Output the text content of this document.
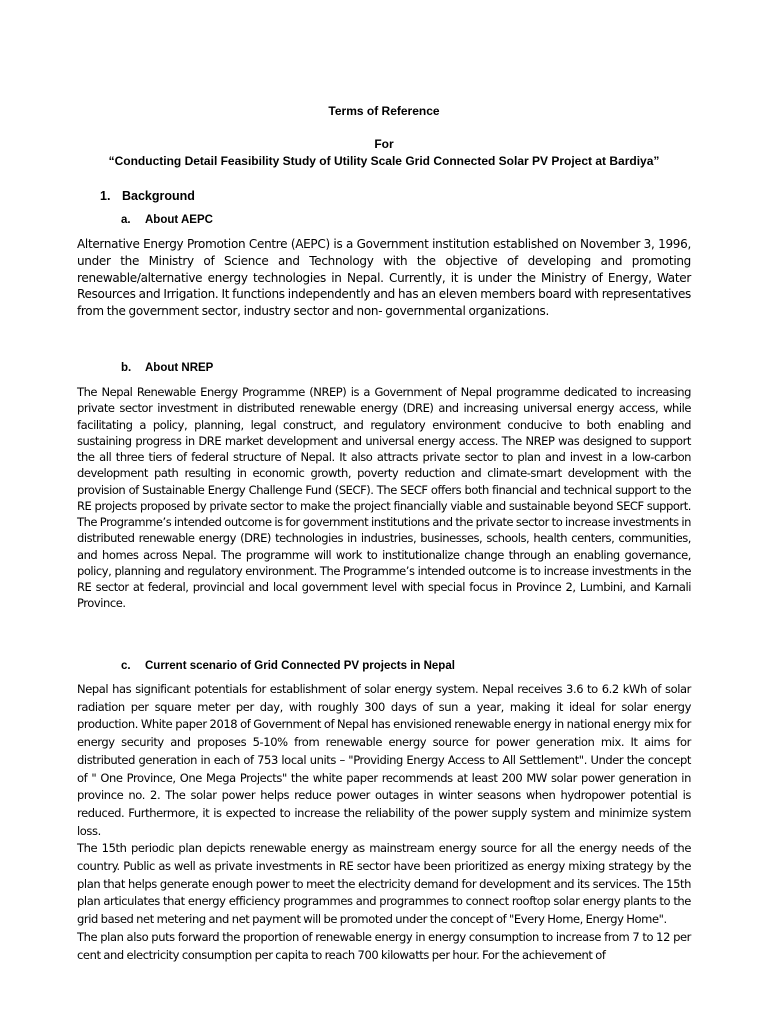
Terms of Reference
For
“Conducting Detail Feasibility Study of Utility Scale Grid Connected Solar PV Project at Bardiya”
1. Background
a. About AEPC

Alternative Energy Promotion Centre (AEPC) is a Government institution established on November 3, 1996, under the Ministry of Science and Technology with the objective of developing and promoting renewable/alternative energy technologies in Nepal. Currently, it is under the Ministry of Energy, Water Resources and Irrigation. It functions independently and has an eleven members board with representatives from the government sector, industry sector and non- governmental organizations.

b. About NREP

The Nepal Renewable Energy Programme (NREP) is a Government of Nepal programme dedicated to increasing private sector investment in distributed renewable energy (DRE) and increasing universal energy access, while facilitating a policy, planning, legal construct, and regulatory environment conducive to both enabling and sustaining progress in DRE market development and universal energy access. The NREP was designed to support the all three tiers of federal structure of Nepal. It also attracts private sector to plan and invest in a low-carbon development path resulting in economic growth, poverty reduction and climate-smart development with the provision of Sustainable Energy Challenge Fund (SECF). The SECF offers both financial and technical support to the RE projects proposed by private sector to make the project financially viable and sustainable beyond SECF support. The Programme’s intended outcome is for government institutions and the private sector to increase investments in distributed renewable energy (DRE) technologies in industries, businesses, schools, health centers, communities, and homes across Nepal. The programme will work to institutionalize change through an enabling governance, policy, planning and regulatory environment. The Programme’s intended outcome is to increase investments in the RE sector at federal, provincial and local government level with special focus in Province 2, Lumbini, and Karnali Province.

c. Current scenario of Grid Connected PV projects in Nepal

Nepal has significant potentials for establishment of solar energy system. Nepal receives 3.6 to 6.2 kWh of solar radiation per square meter per day, with roughly 300 days of sun a year, making it ideal for solar energy production. White paper 2018 of Government of Nepal has envisioned renewable energy in national energy mix for energy security and proposes 5-10% from renewable energy source for power generation mix. It aims for distributed generation in each of 753 local units – "Providing Energy Access to All Settlement". Under the concept of " One Province, One Mega Projects" the white paper recommends at least 200 MW solar power generation in province no. 2. The solar power helps reduce power outages in winter seasons when hydropower potential is reduced. Furthermore, it is expected to increase the reliability of the power supply system and minimize system loss.

The 15th periodic plan depicts renewable energy as mainstream energy source for all the energy needs of the country. Public as well as private investments in RE sector have been prioritized as energy mixing strategy by the plan that helps generate enough power to meet the electricity demand for development and its services. The 15th plan articulates that energy efficiency programmes and programmes to connect rooftop solar energy plants to the grid based net metering and net payment will be promoted under the concept of "Every Home, Energy Home".

The plan also puts forward the proportion of renewable energy in energy consumption to increase from 7 to 12 per cent and electricity consumption per capita to reach 700 kilowatts per hour. For the achievement of
